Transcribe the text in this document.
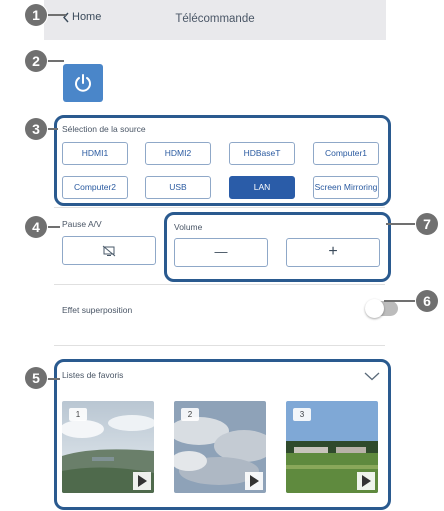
Home	Télécommande
1
2
3	Sélection de la source
HDMI1	HDMI2	HDBaseT	Computer1
Computer2	USB	LAN	Screen Mirroring
4	Pause A/V	7
Volume
—	+
Effet superposition
6
5	Listes de favoris
1	2	3
